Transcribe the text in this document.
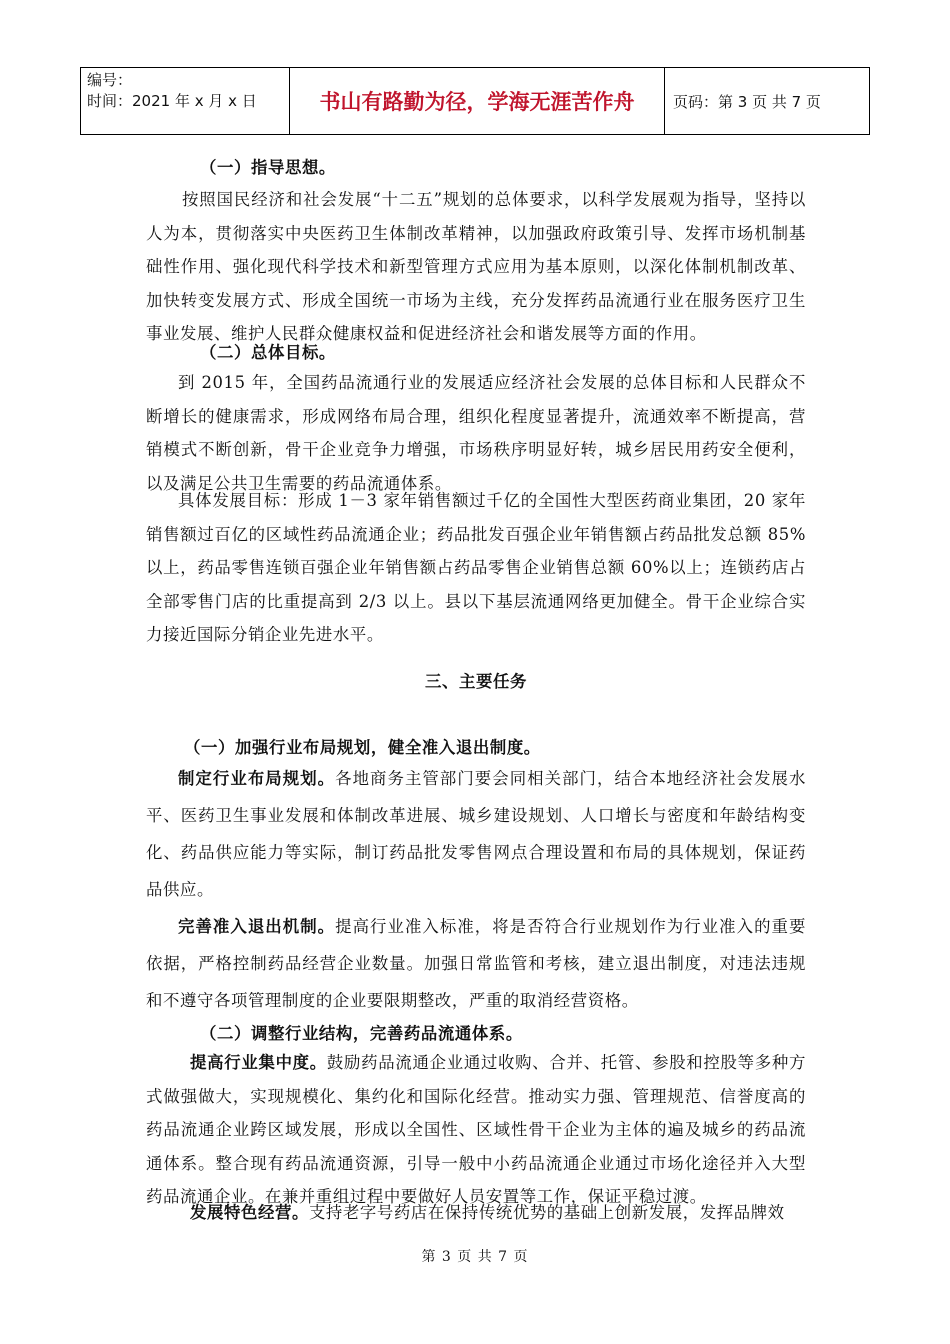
编号：
时间：2021 年 x 月 x 日	书山有路勤为径，学海无涯苦作舟	页码：第 3 页 共 7 页

（一）指导思想。

按照国民经济和社会发展“十二五”规划的总体要求，以科学发展观为指导，坚持以人为本，贯彻落实中央医药卫生体制改革精神，以加强政府政策引导、发挥市场机制基础性作用、强化现代科学技术和新型管理方式应用为基本原则，以深化体制机制改革、加快转变发展方式、形成全国统一市场为主线，充分发挥药品流通行业在服务医疗卫生事业发展、维护人民群众健康权益和促进经济社会和谐发展等方面的作用。

（二）总体目标。

到 2015 年，全国药品流通行业的发展适应经济社会发展的总体目标和人民群众不断增长的健康需求，形成网络布局合理，组织化程度显著提升，流通效率不断提高，营销模式不断创新，骨干企业竞争力增强，市场秩序明显好转，城乡居民用药安全便利，以及满足公共卫生需要的药品流通体系。

具体发展目标：形成 1－3 家年销售额过千亿的全国性大型医药商业集团，20 家年销售额过百亿的区域性药品流通企业；药品批发百强企业年销售额占药品批发总额 85%以上，药品零售连锁百强企业年销售额占药品零售企业销售总额 60%以上；连锁药店占全部零售门店的比重提高到 2/3 以上。县以下基层流通网络更加健全。骨干企业综合实力接近国际分销企业先进水平。

三、主要任务

（一）加强行业布局规划，健全准入退出制度。

制定行业布局规划。各地商务主管部门要会同相关部门，结合本地经济社会发展水平、医药卫生事业发展和体制改革进展、城乡建设规划、人口增长与密度和年龄结构变化、药品供应能力等实际，制订药品批发零售网点合理设置和布局的具体规划，保证药品供应。

完善准入退出机制。提高行业准入标准，将是否符合行业规划作为行业准入的重要依据，严格控制药品经营企业数量。加强日常监管和考核，建立退出制度，对违法违规和不遵守各项管理制度的企业要限期整改，严重的取消经营资格。

（二）调整行业结构，完善药品流通体系。

提高行业集中度。鼓励药品流通企业通过收购、合并、托管、参股和控股等多种方式做强做大，实现规模化、集约化和国际化经营。推动实力强、管理规范、信誉度高的药品流通企业跨区域发展，形成以全国性、区域性骨干企业为主体的遍及城乡的药品流通体系。整合现有药品流通资源，引导一般中小药品流通企业通过市场化途径并入大型药品流通企业。在兼并重组过程中要做好人员安置等工作，保证平稳过渡。

发展特色经营。支持老字号药店在保持传统优势的基础上创新发展，发挥品牌效

第 3 页 共 7 页
